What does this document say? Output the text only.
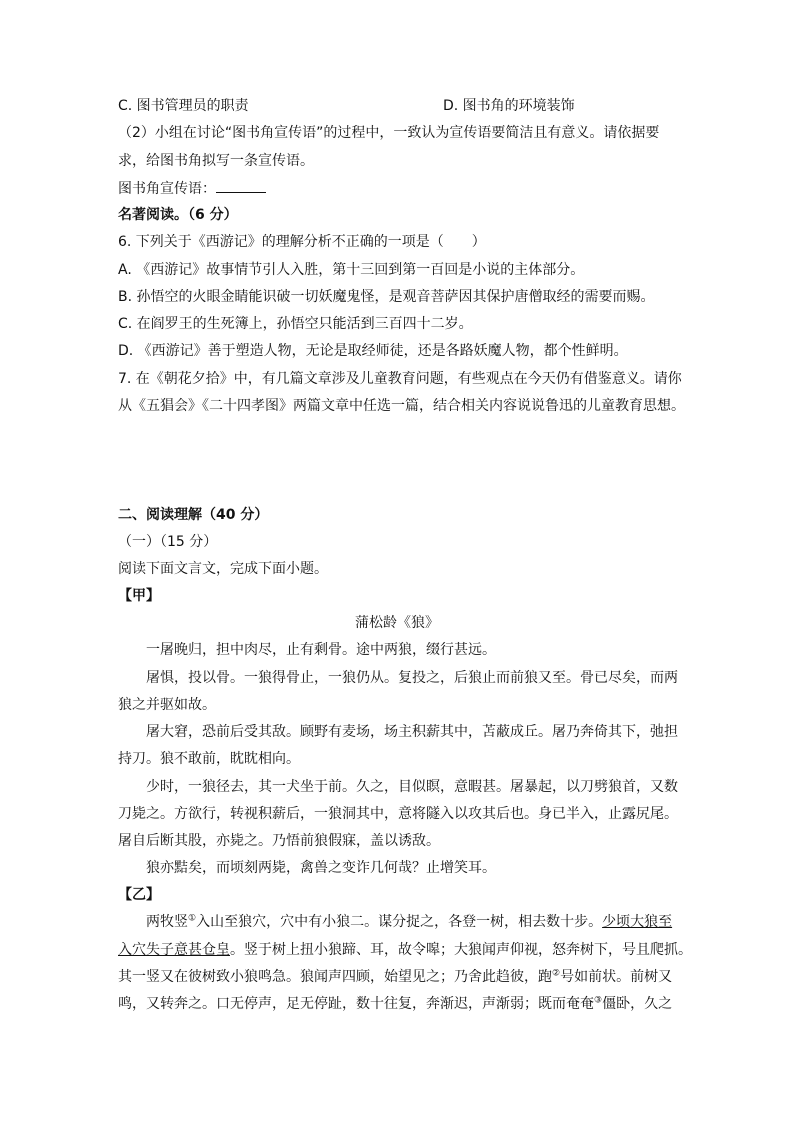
C. 图书管理员的职责	D. 图书角的环境装饰
（2）小组在讨论“图书角宣传语”的过程中，一致认为宣传语要简洁且有意义。请依据要
求，给图书角拟写一条宣传语。
图书角宣传语：
名著阅读。（6 分）
6. 下列关于《西游记》的理解分析不正确的一项是（　　）
A. 《西游记》故事情节引人入胜，第十三回到第一百回是小说的主体部分。
B. 孙悟空的火眼金睛能识破一切妖魔鬼怪，是观音菩萨因其保护唐僧取经的需要而赐。
C. 在阎罗王的生死簿上，孙悟空只能活到三百四十二岁。
D. 《西游记》善于塑造人物，无论是取经师徒，还是各路妖魔人物，都个性鲜明。
7. 在《朝花夕拾》中，有几篇文章涉及儿童教育问题，有些观点在今天仍有借鉴意义。请你
从《五猖会》《二十四孝图》两篇文章中任选一篇，结合相关内容说说鲁迅的儿童教育思想。
二、阅读理解（40 分）
（一）（15 分）
阅读下面文言文，完成下面小题。
【甲】
蒲松龄《狼》
一屠晚归，担中肉尽，止有剩骨。途中两狼，缀行甚远。
屠惧，投以骨。一狼得骨止，一狼仍从。复投之，后狼止而前狼又至。骨已尽矣，而两
狼之并驱如故。
屠大窘，恐前后受其敌。顾野有麦场，场主积薪其中，苫蔽成丘。屠乃奔倚其下，弛担
持刀。狼不敢前，眈眈相向。
少时，一狼径去，其一犬坐于前。久之，目似瞑，意暇甚。屠暴起，以刀劈狼首，又数
刀毙之。方欲行，转视积薪后，一狼洞其中，意将隧入以攻其后也。身已半入，止露尻尾。
屠自后断其股，亦毙之。乃悟前狼假寐，盖以诱敌。
狼亦黠矣，而顷刻两毙，禽兽之变诈几何哉？止增笑耳。
【乙】
两牧竖①入山至狼穴，穴中有小狼二。谋分捉之，各登一树，相去数十步。少顷大狼至
入穴失子意甚仓皇。竖于树上扭小狼蹄、耳，故令嗥；大狼闻声仰视，怒奔树下，号且爬抓。
其一竖又在彼树致小狼鸣急。狼闻声四顾，始望见之；乃舍此趋彼，跑②号如前状。前树又
鸣，又转奔之。口无停声，足无停趾，数十往复，奔渐迟，声渐弱；既而奄奄③僵卧，久之
